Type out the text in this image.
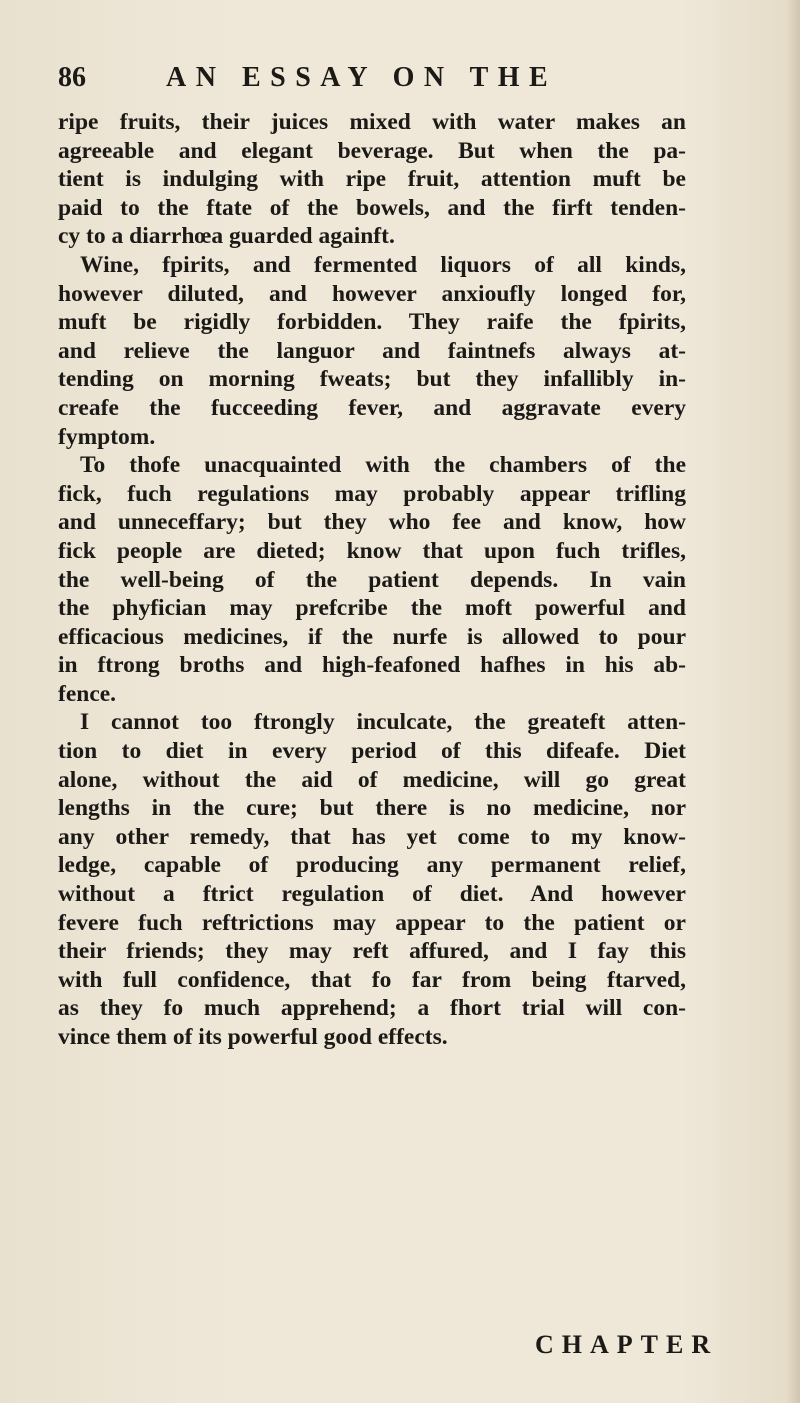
86	AN ESSAY ON THE
ripe fruits, their juices mixed with water makes an
agreeable and elegant beverage. But when the pa-
tient is indulging with ripe fruit, attention muft be
paid to the ftate of the bowels, and the firft tenden-
cy to a diarrhœa guarded againft.
Wine, fpirits, and fermented liquors of all kinds,
however diluted, and however anxioufly longed for,
muft be rigidly forbidden. They raife the fpirits,
and relieve the languor and faintnefs always at-
tending on morning fweats; but they infallibly in-
creafe the fucceeding fever, and aggravate every
fymptom.
To thofe unacquainted with the chambers of the
fick, fuch regulations may probably appear trifling
and unneceffary; but they who fee and know, how
fick people are dieted; know that upon fuch trifles,
the well-being of the patient depends. In vain
the phyfician may prefcribe the moft powerful and
efficacious medicines, if the nurfe is allowed to pour
in ftrong broths and high-feafoned hafhes in his ab-
fence.
I cannot too ftrongly inculcate, the greateft atten-
tion to diet in every period of this difeafe. Diet
alone, without the aid of medicine, will go great
lengths in the cure; but there is no medicine, nor
any other remedy, that has yet come to my know-
ledge, capable of producing any permanent relief,
without a ftrict regulation of diet. And however
fevere fuch reftrictions may appear to the patient or
their friends; they may reft affured, and I fay this
with full confidence, that fo far from being ftarved,
as they fo much apprehend; a fhort trial will con-
vince them of its powerful good effects.
CHAPTER
